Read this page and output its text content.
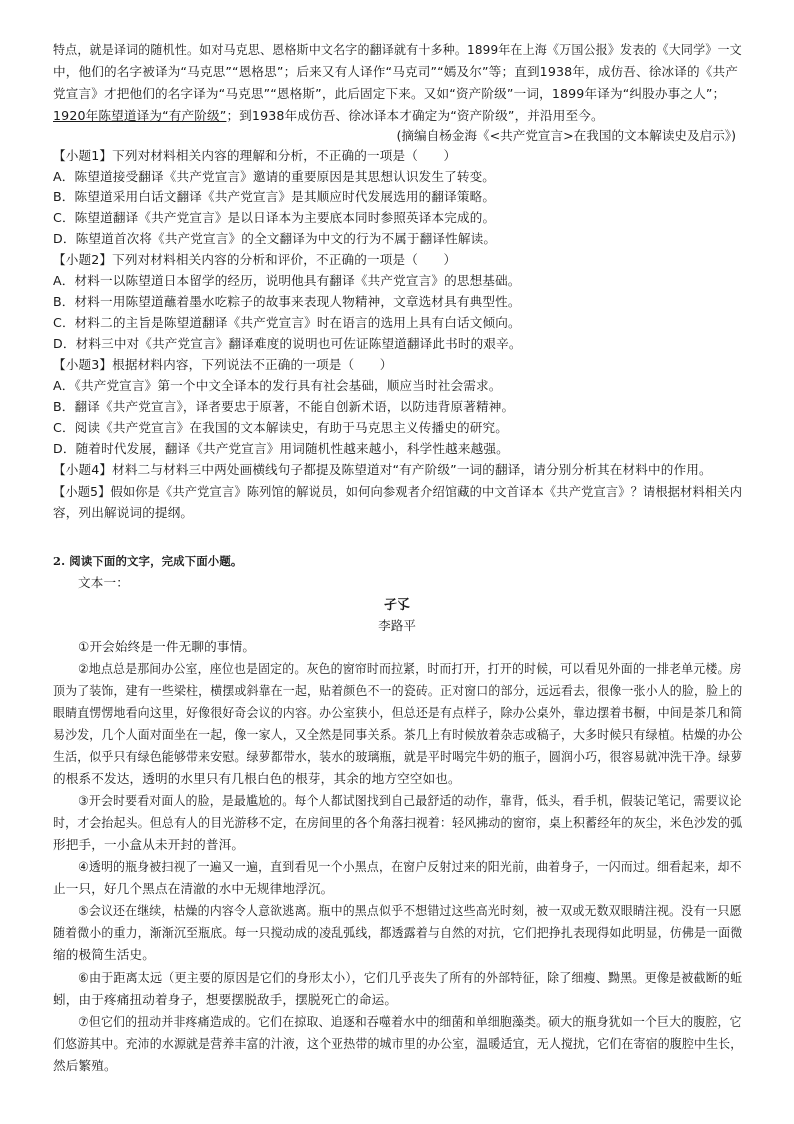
特点，就是译词的随机性。如对马克思、恩格斯中文名字的翻译就有十多种。1899年在上海《万国公报》发表的《大同学》一文
中，他们的名字被译为“马克思”“恩格思”；后来又有人译作“马克司”“嫣及尔”等；直到1938年，成仿吾、徐冰译的《共产
党宣言》才把他们的名字译为“马克思”“恩格斯”，此后固定下来。又如“资产阶级”一词，1899年译为“纠股办事之人”；
1920年陈望道译为“有产阶级”；到1938年成仿吾、徐冰译本才确定为“资产阶级”，并沿用至今。
(摘编自杨金海《<共产党宣言>在我国的文本解读史及启示》)
【小题1】下列对材料相关内容的理解和分析，不正确的一项是（　　）
A．陈望道接受翻译《共产党宣言》邀请的重要原因是其思想认识发生了转变。
B．陈望道采用白话文翻译《共产党宣言》是其顺应时代发展选用的翻译策略。
C．陈望道翻译《共产党宣言》是以日译本为主要底本同时参照英译本完成的。
D．陈望道首次将《共产党宣言》的全文翻译为中文的行为不属于翻译性解读。
【小题2】下列对材料相关内容的分析和评价，不正确的一项是（　　）
A．材料一以陈望道日本留学的经历，说明他具有翻译《共产党宣言》的思想基础。
B．材料一用陈望道蘸着墨水吃粽子的故事来表现人物精神，文章选材具有典型性。
C．材料二的主旨是陈望道翻译《共产党宣言》时在语言的选用上具有白话文倾向。
D．材料三中对《共产党宣言》翻译难度的说明也可佐证陈望道翻译此书时的艰辛。
【小题3】根据材料内容，下列说法不正确的一项是（　　）
A．《共产党宣言》第一个中文全译本的发行具有社会基础，顺应当时社会需求。
B．翻译《共产党宣言》，译者要忠于原著，不能自创新术语，以防违背原著精神。
C．阅读《共产党宣言》在我国的文本解读史，有助于马克思主义传播史的研究。
D．随着时代发展，翻译《共产党宣言》用词随机性越来越小，科学性越来越强。
【小题4】材料二与材料三中两处画横线句子都提及陈望道对“有产阶级”一词的翻译，请分别分析其在材料中的作用。
【小题5】假如你是《共产党宣言》陈列馆的解说员，如何向参观者介绍馆藏的中文首译本《共产党宣言》？请根据材料相关内
容，列出解说词的提纲。
2. 阅读下面的文字，完成下面小题。
文本一：
孑孓
李路平
①开会始终是一件无聊的事情。
②地点总是那间办公室，座位也是固定的。灰色的窗帘时而拉紧，时而打开，打开的时候，可以看见外面的一排老单元楼。房
顶为了装饰，建有一些梁柱，横摆或斜靠在一起，贴着颜色不一的瓷砖。正对窗口的部分，远远看去，很像一张小人的脸，脸上的
眼睛直愣愣地看向这里，好像很好奇会议的内容。办公室狭小，但总还是有点样子，除办公桌外，靠边摆着书橱，中间是茶几和简
易沙发，几个人面对面坐在一起，像一家人，又全然是同事关系。茶几上有时候放着杂志或稿子，大多时候只有绿植。枯燥的办公
生活，似乎只有绿色能够带来安慰。绿萝都带水，装水的玻璃瓶，就是平时喝完牛奶的瓶子，圆润小巧，很容易就冲洗干净。绿萝
的根系不发达，透明的水里只有几根白色的根芽，其余的地方空空如也。
③开会时要看对面人的脸，是最尴尬的。每个人都试图找到自己最舒适的动作，靠背，低头，看手机，假装记笔记，需要议论
时，才会抬起头。但总有人的目光游移不定，在房间里的各个角落扫视着：轻风拂动的窗帘，桌上积蓄经年的灰尘，米色沙发的弧
形把手，一小盒从未开封的普洱。
④透明的瓶身被扫视了一遍又一遍，直到看见一个小黑点，在窗户反射过来的阳光前，曲着身子，一闪而过。细看起来，却不
止一只，好几个黑点在清澈的水中无规律地浮沉。
⑤会议还在继续，枯燥的内容令人意欲逃离。瓶中的黑点似乎不想错过这些高光时刻，被一双或无数双眼睛注视。没有一只愿
随着微小的重力，渐渐沉至瓶底。每一只搅动成的凌乱弧线，都透露着与自然的对抗，它们把挣扎表现得如此明显，仿佛是一面微
缩的极简生活史。
⑥由于距离太远（更主要的原因是它们的身形太小），它们几乎丧失了所有的外部特征，除了细瘦、黝黑。更像是被截断的蚯
蚓，由于疼痛扭动着身子，想要摆脱敌手，摆脱死亡的命运。
⑦但它们的扭动并非疼痛造成的。它们在掠取、追逐和吞噬着水中的细菌和单细胞藻类。硕大的瓶身犹如一个巨大的腹腔，它
们悠游其中。充沛的水源就是营养丰富的汁液，这个亚热带的城市里的办公室，温暖适宜，无人搅扰，它们在寄宿的腹腔中生长，
然后繁殖。
